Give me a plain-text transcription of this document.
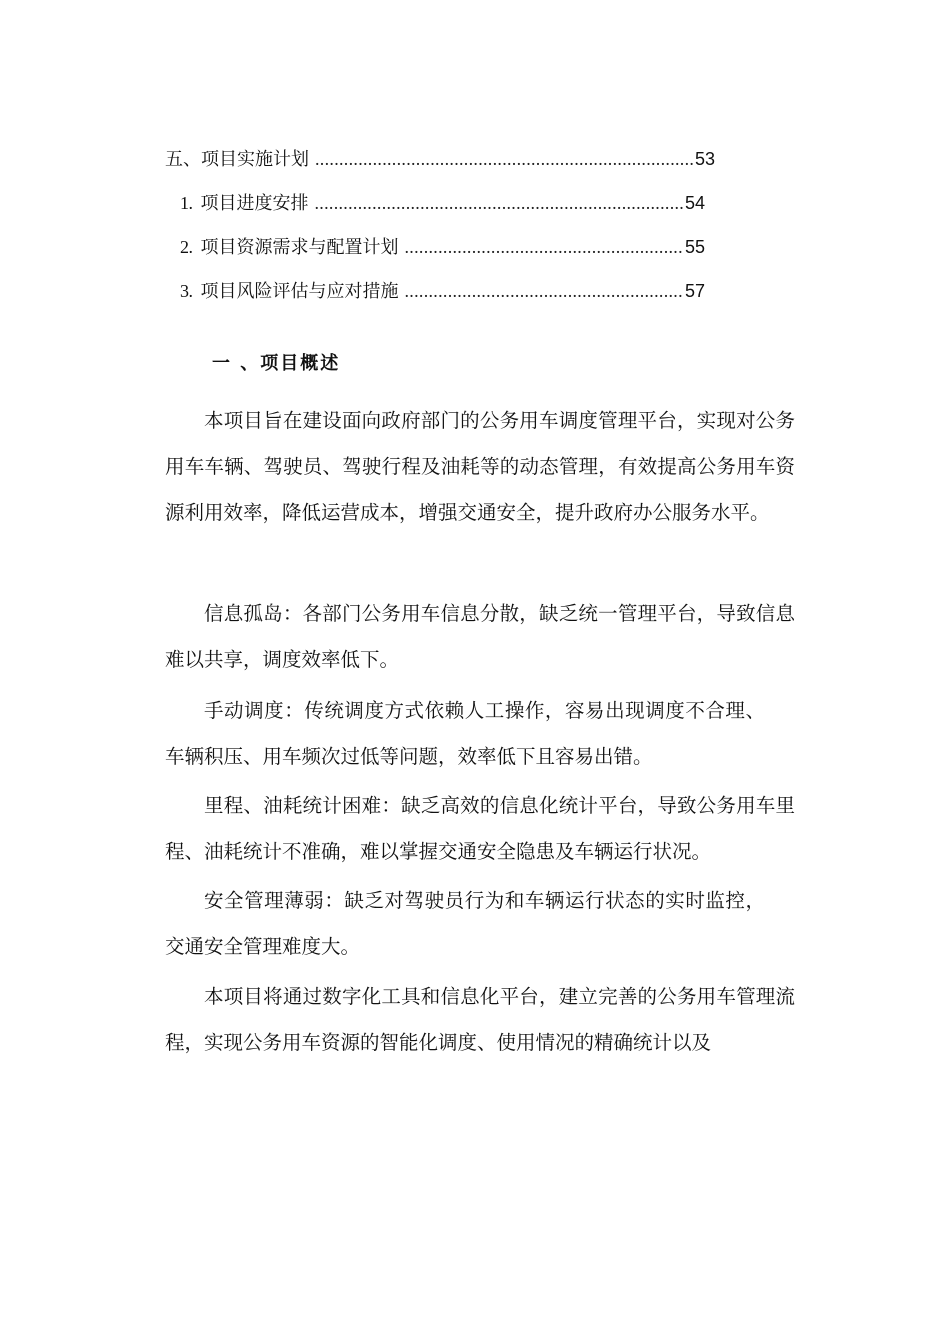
五、项目实施计划 .....	53
1. 项目进度安排 .....	54
2. 项目资源需求与配置计划 .....	55
3. 项目风险评估与应对措施 .....	57
一 、项目概述

本项目旨在建设面向政府部门的公务用车调度管理平台，实现对公务用车车辆、驾驶员、驾驶行程及油耗等的动态管理，有效提高公务用车资源利用效率，降低运营成本，增强交通安全，提升政府办公服务水平。

信息孤岛：各部门公务用车信息分散，缺乏统一管理平台，导致信息难以共享，调度效率低下。

手动调度：传统调度方式依赖人工操作，容易出现调度不合理、 车辆积压、用车频次过低等问题，效率低下且容易出错。

里程、油耗统计困难：缺乏高效的信息化统计平台，导致公务用车里程、油耗统计不准确，难以掌握交通安全隐患及车辆运行状况。

安全管理薄弱：缺乏对驾驶员行为和车辆运行状态的实时监控， 交通安全管理难度大。

本项目将通过数字化工具和信息化平台，建立完善的公务用车管理流程，实现公务用车资源的智能化调度、使用情况的精确统计以及
